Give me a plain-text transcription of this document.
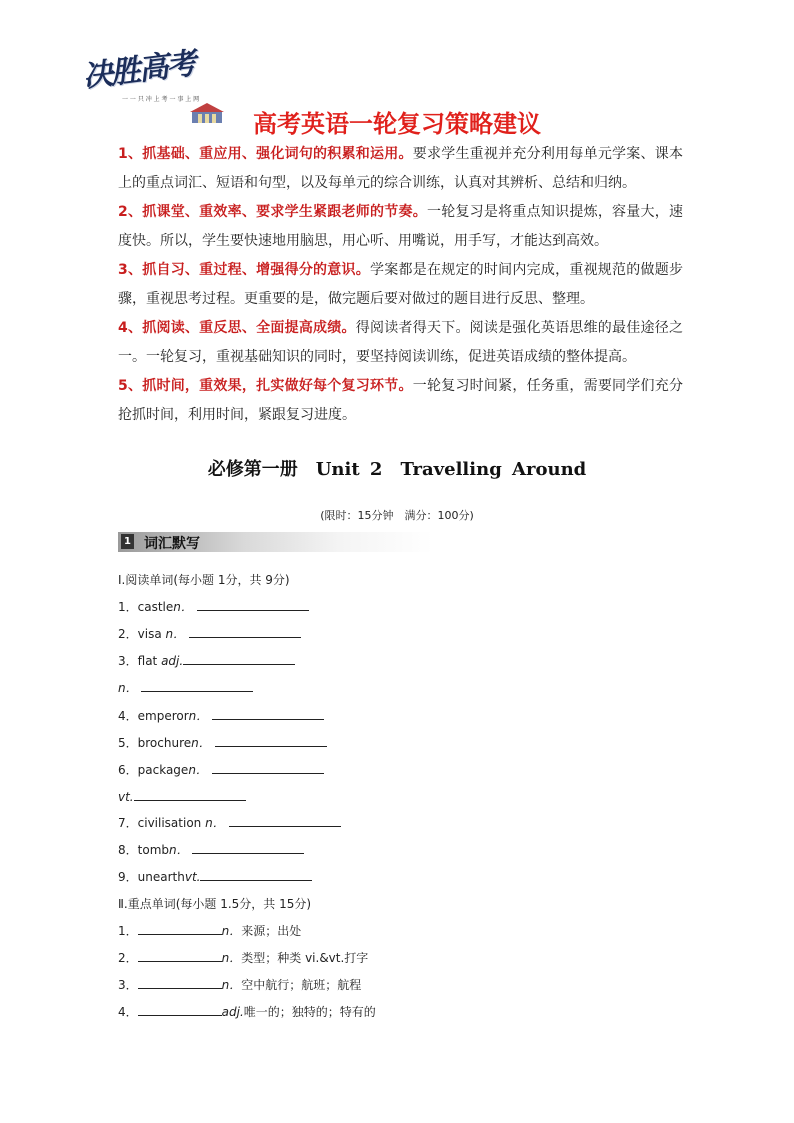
决胜高考
一 一 只 冲 上 考 一 事 上 网
高考英语一轮复习策略建议

1、抓基础、重应用、强化词句的积累和运用。要求学生重视并充分利用每单元学案、课本上的重点词汇、短语和句型，以及每单元的综合训练，认真对其辨析、总结和归纳。

2、抓课堂、重效率、要求学生紧跟老师的节奏。一轮复习是将重点知识提炼，容量大，速度快。所以，学生要快速地用脑思，用心听、用嘴说，用手写，才能达到高效。

3、抓自习、重过程、增强得分的意识。学案都是在规定的时间内完成，重视规范的做题步骤，重视思考过程。更重要的是，做完题后要对做过的题目进行反思、整理。

4、抓阅读、重反思、全面提高成绩。得阅读者得天下。阅读是强化英语思维的最佳途径之一。一轮复习，重视基础知识的同时，要坚持阅读训练，促进英语成绩的整体提高。

5、抓时间，重效果，扎实做好每个复习环节。一轮复习时间紧，任务重，需要同学们充分抢抓时间，利用时间，紧跟复习进度。

必修第一册　Unit 2　Travelling Around
(限时：15分钟　满分：100分)
1 词汇默写
Ⅰ.阅读单词(每小题 1分，共 9分)
1．castlen．
2．visa n．
3．flat adj.
n．
4．emperorn．
5．brochuren．
6．packagen．
vt.
7．civilisation n．
8．tombn．
9．unearthvt.
Ⅱ.重点单词(每小题 1.5分，共 15分)
1．	n．来源；出处
2．	n．类型；种类 vi.&vt.打字
3．	n．空中航行；航班；航程
4．	adj.唯一的；独特的；特有的
